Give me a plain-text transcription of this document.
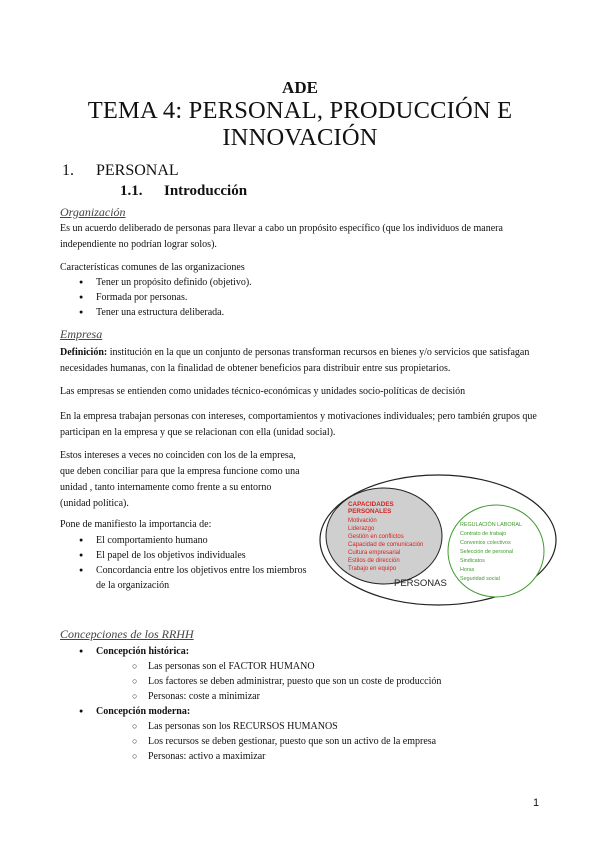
ADE
TEMA 4: PERSONAL, PRODUCCIÓN E INNOVACIÓN
1. PERSONAL
1.1. Introducción
Organización
Es un acuerdo deliberado de personas para llevar a cabo un propósito específico (que los individuos de manera independiente no podrían lograr solos).
Características comunes de las organizaciones
● Tener un propósito definido (objetivo).
● Formada por personas.
● Tener una estructura deliberada.
Empresa
Definición: institución en la que un conjunto de personas transforman recursos en bienes y/o servicios que satisfagan necesidades humanas, con la finalidad de obtener beneficios para distribuir entre sus propietarios.
Las empresas se entienden como unidades técnico-económicas y unidades socio-políticas de decisión
En la empresa trabajan personas con intereses, comportamientos y motivaciones individuales; pero también grupos que participan en la empresa y que se relacionan con ella (unidad social).
Estos intereses a veces no coinciden con los de la empresa, que deben conciliar para que la empresa funcione como una unidad , tanto internamente como frente a su entorno (unidad política).
Pone de manifiesto la importancia de:
● El comportamiento humano
● El papel de los objetivos individuales
● Concordancia entre los objetivos entre los miembros de la organización
CAPACIDADES
PERSONALES
Motivación
Liderazgo
Gestión en conflictos
Capacidad de comunicación
Cultura empresarial
Estilos de dirección
Trabajo en equipo
PERSONAS
REGULACIÓN LABORAL
Contrato de trabajo
Convenios colectivos
Selección de personal
Sindicatos
Horas
Seguridad social
Concepciones de los RRHH
● Concepción histórica:
○ Las personas son el FACTOR HUMANO
○ Los factores se deben administrar, puesto que son un coste de producción
○ Personas: coste a minimizar
● Concepción moderna:
○ Las personas son los RECURSOS HUMANOS
○ Los recursos se deben gestionar, puesto que son un activo de la empresa
○ Personas: activo a maximizar
1
